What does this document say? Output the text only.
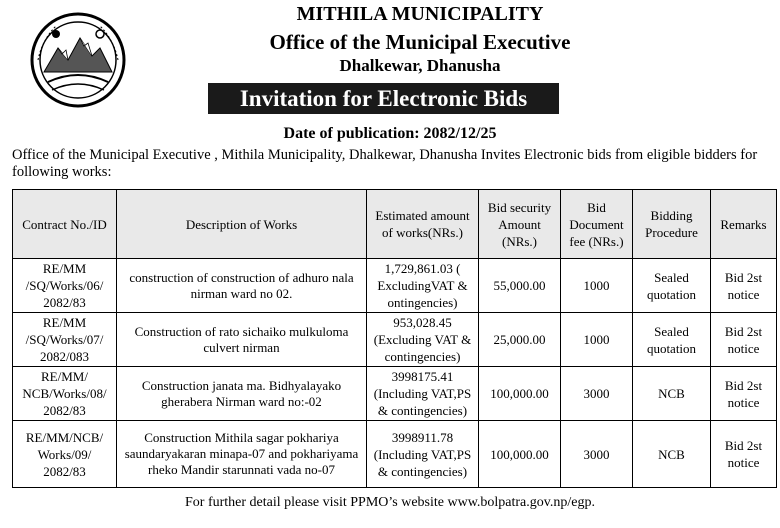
MITHILA MUNICIPALITY
Office of the Municipal Executive
Dhalkewar, Dhanusha
Invitation for Electronic Bids
Date of publication: 2082/12/25
Office of the Municipal Executive , Mithila Municipality, Dhalkewar, Dhanusha Invites Electronic bids from eligible bidders for following works:
Contract No./ID	Description of Works	Estimated amount of works(NRs.)	Bid security Amount (NRs.)	Bid Document fee (NRs.)	Bidding Procedure	Remarks
RE/MM /SQ/Works/06/ 2082/83	construction of construction of adhuro nala nirman ward no 02.	1,729,861.03 ( ExcludingVAT & ontingencies)	55,000.00	1000	Sealed quotation	Bid 2st notice
RE/MM /SQ/Works/07/ 2082/083	Construction of rato sichaiko mulkuloma culvert nirman	953,028.45 (Excluding VAT & contingencies)	25,000.00	1000	Sealed quotation	Bid 2st notice
RE/MM/ NCB/Works/08/ 2082/83	Construction janata ma. Bidhyalayako gherabera Nirman ward no:-02	3998175.41 (Including VAT,PS & contingencies)	100,000.00	3000	NCB	Bid 2st notice
RE/MM/NCB/ Works/09/ 2082/83	Construction Mithila sagar pokhariya saundaryakaran minapa-07 and pokhariyama rheko Mandir starunnati vada no-07	3998911.78 (Including VAT,PS & contingencies)	100,000.00	3000	NCB	Bid 2st notice
For further detail please visit PPMO’s website www.bolpatra.gov.np/egp.
